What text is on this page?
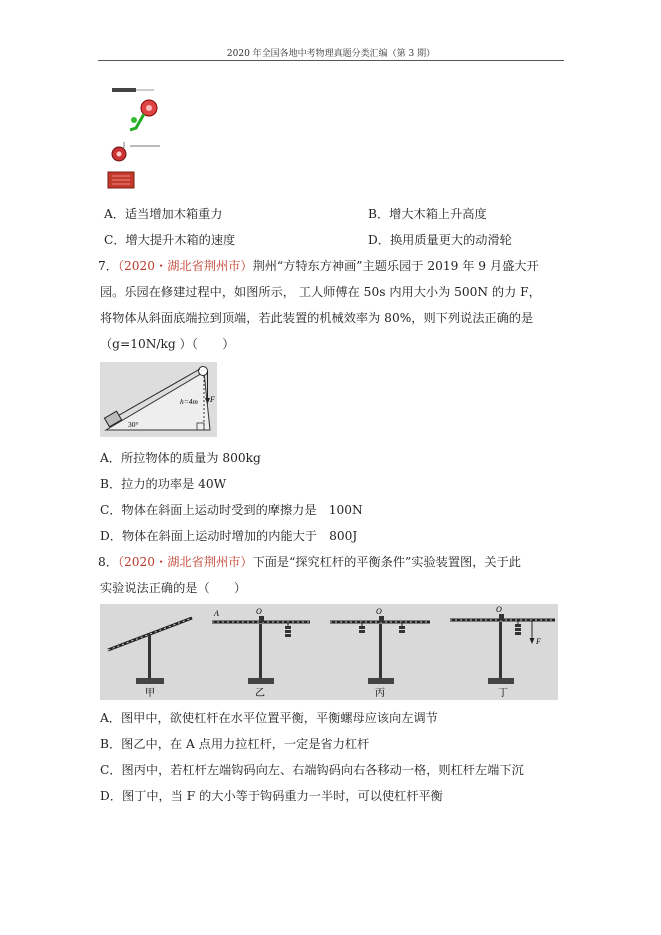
2020 年全国各地中考物理真题分类汇编（第 3 期）
A．适当增加木箱重力	B．增大木箱上升高度
C．增大提升木箱的速度	D．换用质量更大的动滑轮
7．（2020・湖北省荆州市）荆州“方特东方神画”主题乐园于 2019 年 9 月盛大开
园。乐园在修建过程中，如图所示， 工人师傅在 50s 内用大小为 500N 的力 F，
将物体从斜面底端拉到顶端，若此装置的机械效率为 80%，则下列说法正确的是
（g=10N/kg ）（　　）
F
h=4m
30°
A．所拉物体的质量为 800kg
B．拉力的功率是 40W
C．物体在斜面上运动时受到的摩擦力是　100N
D．物体在斜面上运动时增加的内能大于　800J
8．（2020・湖北省荆州市）下面是“探究杠杆的平衡条件”实验装置图，关于此
实验说法正确的是（　　）
甲
A	O
乙
O
丙
O
F
丁
A．图甲中，欲使杠杆在水平位置平衡，平衡螺母应该向左调节
B．图乙中，在 A 点用力拉杠杆，一定是省力杠杆
C．图丙中，若杠杆左端钩码向左、右端钩码向右各移动一格，则杠杆左端下沉
D．图丁中，当 F 的大小等于钩码重力一半时，可以使杠杆平衡
